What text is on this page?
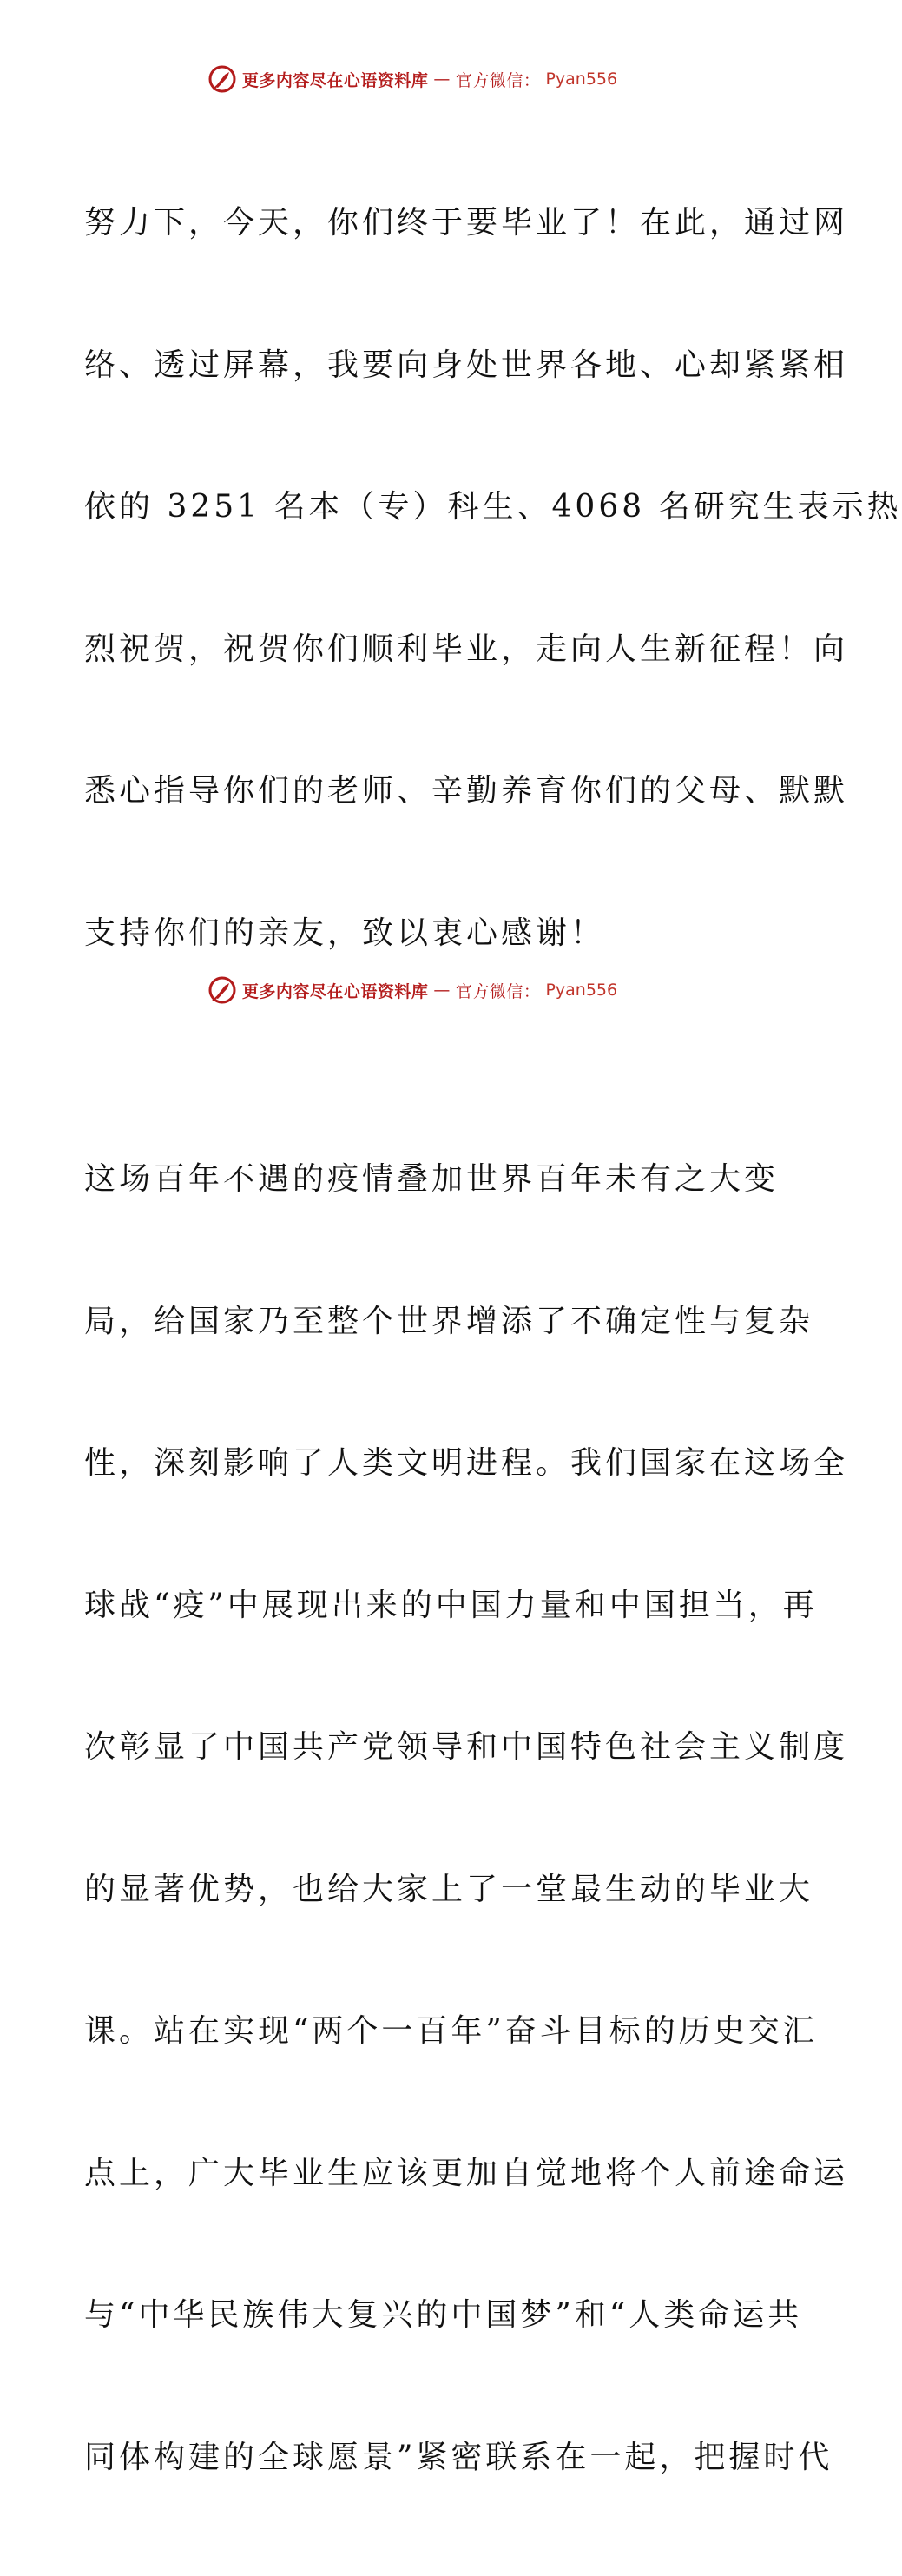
更多内容尽在心语资料库 — 官方微信： Pyan556

努力下，今天，你们终于要毕业了！在此，通过网

络、透过屏幕，我要向身处世界各地、心却紧紧相

依的 3251 名本（专）科生、4068 名研究生表示热

烈祝贺，祝贺你们顺利毕业，走向人生新征程！向

悉心指导你们的老师、辛勤养育你们的父母、默默

支持你们的亲友，致以衷心感谢！

这场百年不遇的疫情叠加世界百年未有之大变

局，给国家乃至整个世界增添了不确定性与复杂

性，深刻影响了人类文明进程。我们国家在这场全

球战“疫”中展现出来的中国力量和中国担当，再

次彰显了中国共产党领导和中国特色社会主义制度

的显著优势，也给大家上了一堂最生动的毕业大

课。站在实现“两个一百年”奋斗目标的历史交汇

点上，广大毕业生应该更加自觉地将个人前途命运

与“中华民族伟大复兴的中国梦”和“人类命运共

同体构建的全球愿景”紧密联系在一起，把握时代

更多内容尽在心语资料库 — 官方微信： Pyan556
